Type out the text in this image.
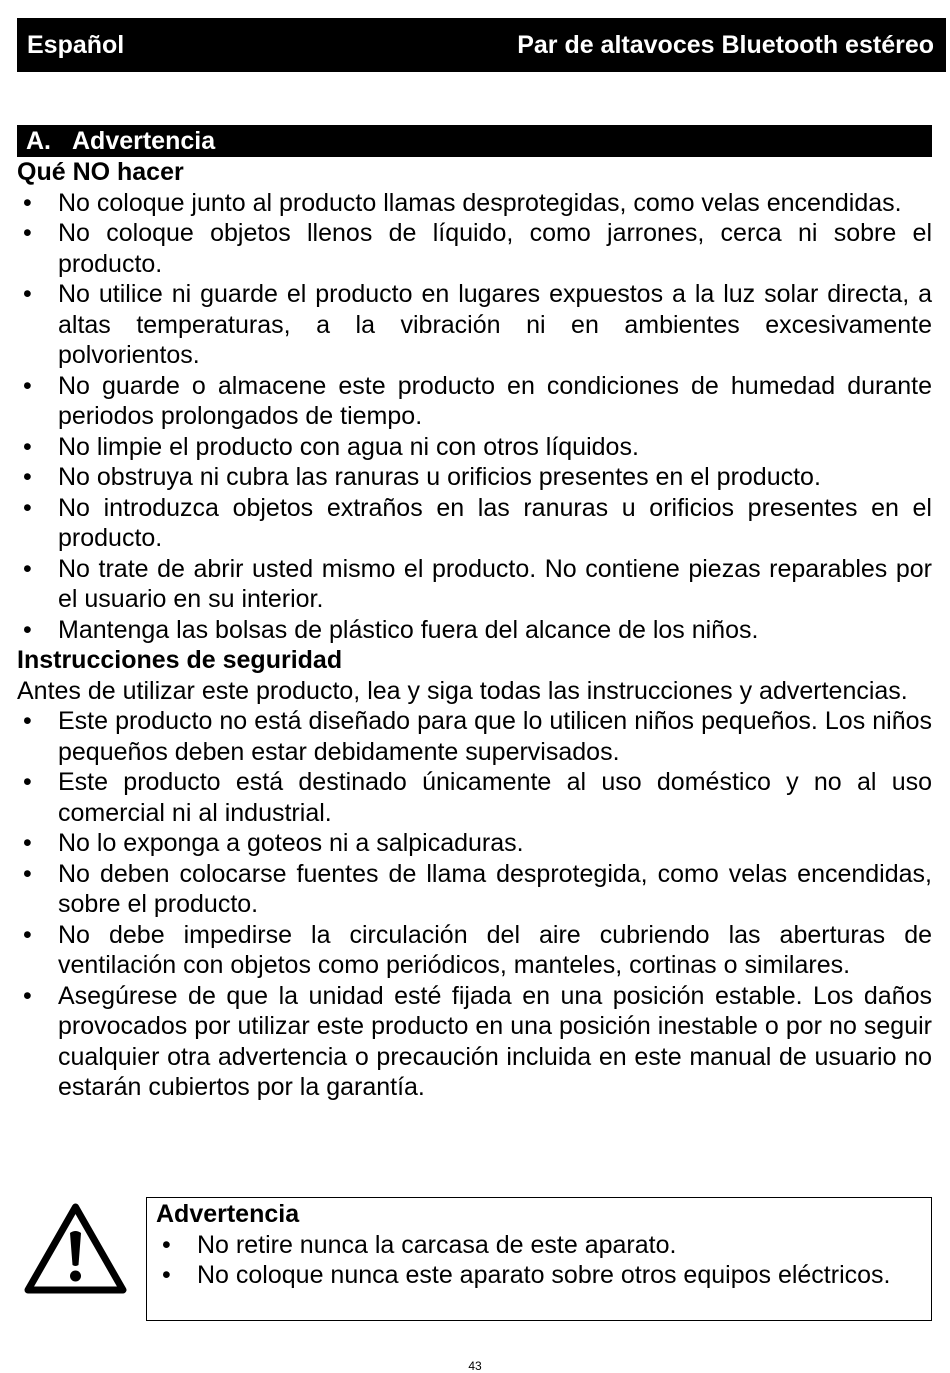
Español	Par de altavoces Bluetooth estéreo
A. Advertencia
Qué NO hacer
• No coloque junto al producto llamas desprotegidas, como velas encendidas.
• No coloque objetos llenos de líquido, como jarrones, cerca ni sobre el producto.
• No utilice ni guarde el producto en lugares expuestos a la luz solar directa, a altas temperaturas, a la vibración ni en ambientes excesivamente polvorientos.
• No guarde o almacene este producto en condiciones de humedad durante periodos prolongados de tiempo.
• No limpie el producto con agua ni con otros líquidos.
• No obstruya ni cubra las ranuras u orificios presentes en el producto.
• No introduzca objetos extraños en las ranuras u orificios presentes en el producto.
• No trate de abrir usted mismo el producto. No contiene piezas reparables por el usuario en su interior.
• Mantenga las bolsas de plástico fuera del alcance de los niños.
Instrucciones de seguridad
Antes de utilizar este producto, lea y siga todas las instrucciones y advertencias.
• Este producto no está diseñado para que lo utilicen niños pequeños. Los niños pequeños deben estar debidamente supervisados.
• Este producto está destinado únicamente al uso doméstico y no al uso comercial ni al industrial.
• No lo exponga a goteos ni a salpicaduras.
• No deben colocarse fuentes de llama desprotegida, como velas encendidas, sobre el producto.
• No debe impedirse la circulación del aire cubriendo las aberturas de ventilación con objetos como periódicos, manteles, cortinas o similares.
• Asegúrese de que la unidad esté fijada en una posición estable. Los daños provocados por utilizar este producto en una posición inestable o por no seguir cualquier otra advertencia o precaución incluida en este manual de usuario no estarán cubiertos por la garantía.
Advertencia
• No retire nunca la carcasa de este aparato.
• No coloque nunca este aparato sobre otros equipos eléctricos.
43
